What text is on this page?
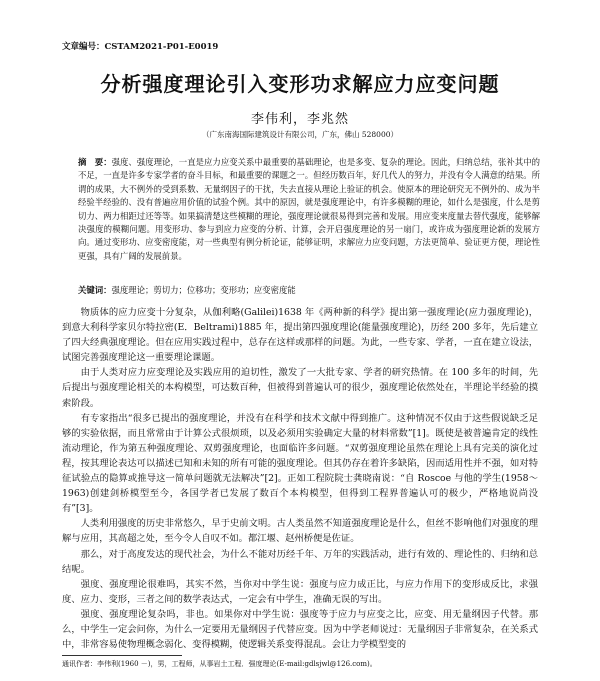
文章编号：CSTAM2021-P01-E0019
分析强度理论引入变形功求解应力应变问题
李伟利，李兆然
（广东南海国际建筑设计有限公司，广东，佛山 528000）
摘　要：强度、强度理论，一直是应力应变关系中最重要的基础理论，也是多变、复杂的理论。因此，归纳总结，张补其中的不足，一直是许多专家学者的奋斗目标，和最重要的课题之一。但经历数百年，好几代人的努力，并没有令人满意的结果。所谓的成果，大不例外的受到系数、无量纲因子的干扰，失去直接从理论上验证的机会。使原本的理论研究无不例外的、成为半经验半经验的、没有普遍应用价值的试验个例。其中的原因，就是强度理论中，有许多模糊的理论，如什么是强度，什么是剪切力、两力相距过还等等。如果搞清楚这些模糊的理论，强度理论就很易得到完善和发展。用应变来度量去替代强度，能够解决强度的模糊问题。用变形功、参与到应力应变的分析、计算，会开启强度理论的另一扇门，或许成为强度理论新的发展方向。通过变形功、应变密度能，对一些典型有例分析论证，能够证明，求解应力应变问题，方法更简单、验证更方便，理论性更强，具有广阔的发展前景。
关键词：强度理论；剪切力；位移功；变形功；应变密度能

物质体的应力应变十分复杂，从伽利略(Galilei)1638 年《两种新的科学》提出第一强度理论(应力强度理论)，到意大利科学家贝尔特拉密(E．Beltrami)1885 年，提出第四强度理论(能量强度理论)，历经 200 多年，先后建立了四大经典强度理论。但在应用实践过程中，总存在这样或那样的问题。为此，一些专家、学者，一直在建立设法，试图完善强度理论这一重要理论课题。

由于人类对应力应变理论及实践应用的迫切性，激发了一大批专家、学者的研究热情。在 100 多年的时间，先后提出与强度理论相关的本构模型，可达数百种，但被得到普遍认可的很少，强度理论依然处在，半理论半经验的摸索阶段。

有专家指出“很多已提出的强度理论，并没有在科学和技术文献中得到推广。这种情况不仅由于这些假说缺乏足够的实验依据，而且常常由于计算公式很烦琐，以及必须用实验确定大量的材料常数”[1]。既使是被普遍肯定的线性流动理论，作为第五种强度理论、双剪强度理论，也面临许多问题。“双剪强度理论虽然在理论上具有完美的演化过程，按其理论表达可以描述已知和未知的所有可能的强度理论。但其仍存在着许多缺陷，因而适用性并不强，如对特征试验点的隐算或推导这一简单问题就无法解决”[2]。正如工程院院士龚晓南说：“自 Roscoe 与他的学生(1958～1963)创建剑桥模型至今，各国学者已发展了数百个本构模型，但得到工程界普遍认可的极少，严格地说尚没有”[3]。

人类利用强度的历史非常悠久，早于史前文明。古人类虽然不知道强度理论是什么，但丝不影响他们对强度的理解与应用，其高超之处，至今令人自叹不如。都江堰、赵州桥便是佐证。

那么，对于高度发达的现代社会，为什么不能对历经千年、万年的实践活动，进行有效的、理论性的、归纳和总结呢。

强度、强度理论很难吗，其实不然，当你对中学生说：强度与应力成正比，与应力作用下的变形成反比，求强度、应力、变形，三者之间的数学表达式，一定会有中学生，准确无误的写出。

强度、强度理论复杂吗，非也。如果你对中学生说：强度等于应力与应变之比，应变、用无量纲因子代替。那么，中学生一定会问你，为什么一定要用无量纲因子代替应变。因为中学老师说过：无量纲因子非常复杂，在关系式中，非常容易使物理概念弱化、变得模糊，使逻辑关系变得混乱。会让力学模型变的

通讯作者：李伟利(1960 －)，男，工程师，从事岩土工程．强度理论(E-mail:gdlsjwl@126.com)。
